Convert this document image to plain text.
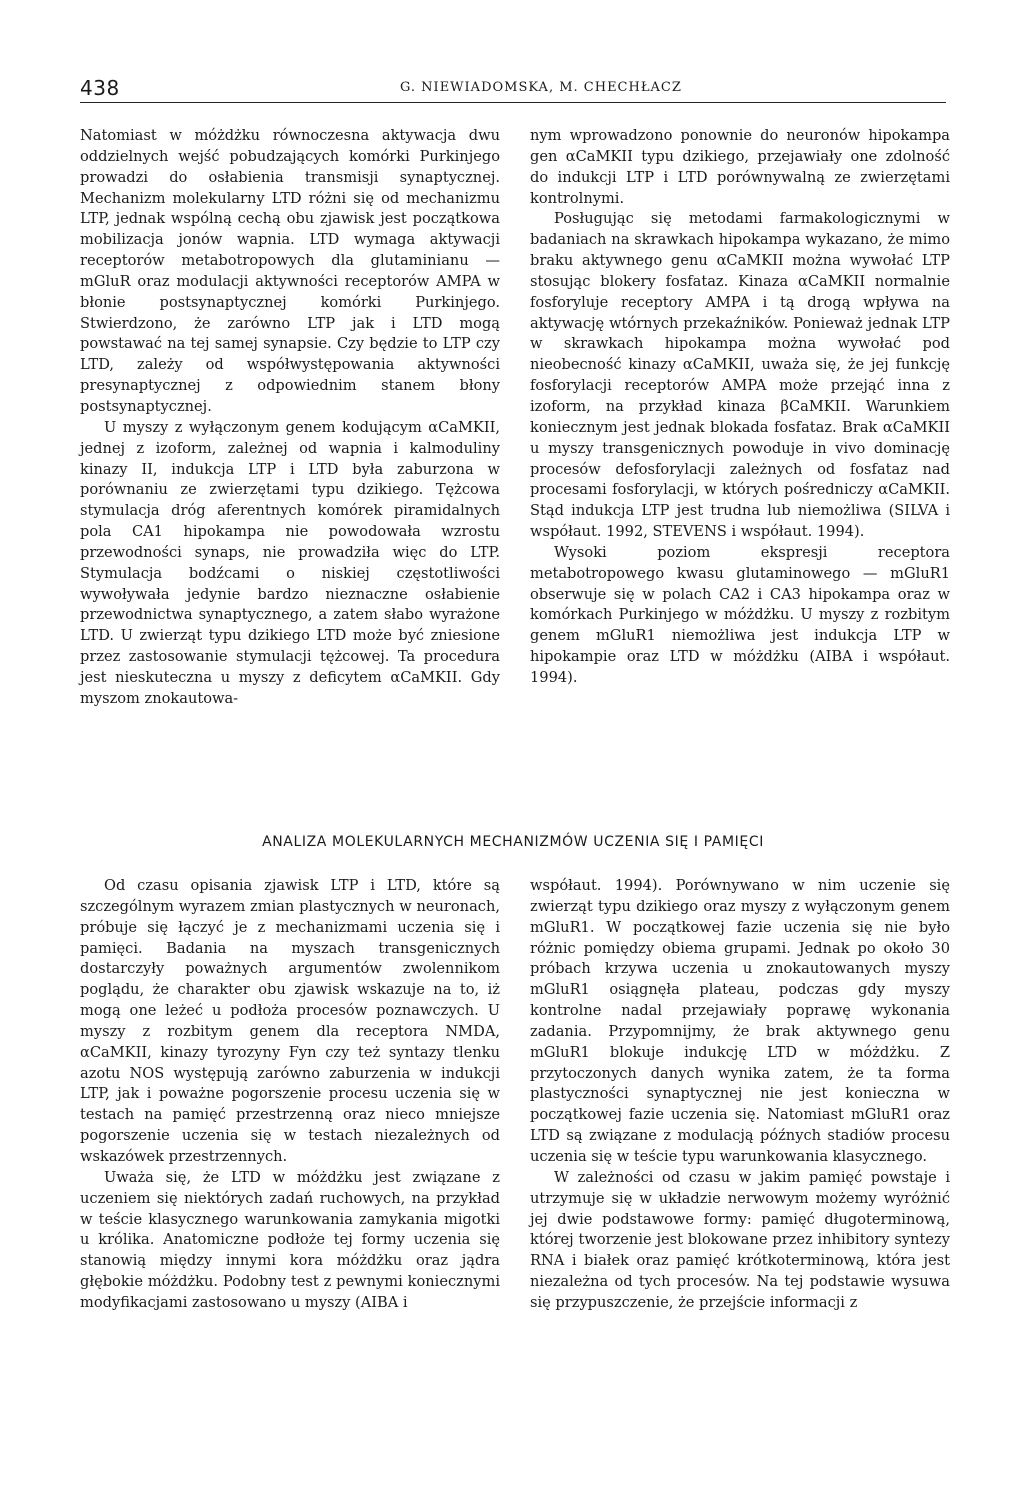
438	G. NIEWIADOMSKA, M. CHECHŁACZ

Natomiast w móżdżku równoczesna aktywacja dwu oddzielnych wejść pobudzających komórki Purkinjego prowadzi do osłabienia transmisji synaptycznej. Mechanizm molekularny LTD różni się od mechanizmu LTP, jednak wspólną cechą obu zjawisk jest początkowa mobilizacja jonów wapnia. LTD wymaga aktywacji receptorów metabotropowych dla glutaminianu — mGluR oraz modulacji aktywności receptorów AMPA w błonie postsynaptycznej komórki Purkinjego. Stwierdzono, że zarówno LTP jak i LTD mogą powstawać na tej samej synapsie. Czy będzie to LTP czy LTD, zależy od współwystępowania aktywności presynaptycznej z odpowiednim stanem błony postsynaptycznej.

U myszy z wyłączonym genem kodującym αCaMKII, jednej z izoform, zależnej od wapnia i kalmoduliny kinazy II, indukcja LTP i LTD była zaburzona w porównaniu ze zwierzętami typu dzikiego. Tężcowa stymulacja dróg aferentnych komórek piramidalnych pola CA1 hipokampa nie powodowała wzrostu przewodności synaps, nie prowadziła więc do LTP. Stymulacja bodźcami o niskiej częstotliwości wywoływała jedynie bardzo nieznaczne osłabienie przewodnictwa synaptycznego, a zatem słabo wyrażone LTD. U zwierząt typu dzikiego LTD może być zniesione przez zastosowanie stymulacji tężcowej. Ta procedura jest nieskuteczna u myszy z deficytem αCaMKII. Gdy myszom znokautowa-

nym wprowadzono ponownie do neuronów hipokampa gen αCaMKII typu dzikiego, przejawiały one zdolność do indukcji LTP i LTD porównywalną ze zwierzętami kontrolnymi.

Posługując się metodami farmakologicznymi w badaniach na skrawkach hipokampa wykazano, że mimo braku aktywnego genu αCaMKII można wywołać LTP stosując blokery fosfataz. Kinaza αCaMKII normalnie fosforyluje receptory AMPA i tą drogą wpływa na aktywację wtórnych przekaźników. Ponieważ jednak LTP w skrawkach hipokampa można wywołać pod nieobecność kinazy αCaMKII, uważa się, że jej funkcję fosforylacji receptorów AMPA może przejąć inna z izoform, na przykład kinaza βCaMKII. Warunkiem koniecznym jest jednak blokada fosfataz. Brak αCaMKII u myszy transgenicznych powoduje in vivo dominację procesów defosforylacji zależnych od fosfataz nad procesami fosforylacji, w których pośredniczy αCaMKII. Stąd indukcja LTP jest trudna lub niemożliwa (SILVA i współaut. 1992, STEVENS i współaut. 1994).

Wysoki poziom ekspresji receptora metabotropowego kwasu glutaminowego — mGluR1 obserwuje się w polach CA2 i CA3 hipokampa oraz w komórkach Purkinjego w móżdżku. U myszy z rozbitym genem mGluR1 niemożliwa jest indukcja LTP w hipokampie oraz LTD w móżdżku (AIBA i współaut. 1994).

ANALIZA MOLEKULARNYCH MECHANIZMÓW UCZENIA SIĘ I PAMIĘCI

Od czasu opisania zjawisk LTP i LTD, które są szczególnym wyrazem zmian plastycznych w neuronach, próbuje się łączyć je z mechanizmami uczenia się i pamięci. Badania na myszach transgenicznych dostarczyły poważnych argumentów zwolennikom poglądu, że charakter obu zjawisk wskazuje na to, iż mogą one leżeć u podłoża procesów poznawczych. U myszy z rozbitym genem dla receptora NMDA, αCaMKII, kinazy tyrozyny Fyn czy też syntazy tlenku azotu NOS występują zarówno zaburzenia w indukcji LTP, jak i poważne pogorszenie procesu uczenia się w testach na pamięć przestrzenną oraz nieco mniejsze pogorszenie uczenia się w testach niezależnych od wskazówek przestrzennych.

Uważa się, że LTD w móżdżku jest związane z uczeniem się niektórych zadań ruchowych, na przykład w teście klasycznego warunkowania zamykania migotki u królika. Anatomiczne podłoże tej formy uczenia się stanowią między innymi kora móżdżku oraz jądra głębokie móżdżku. Podobny test z pewnymi koniecznymi modyfikacjami zastosowano u myszy (AIBA i

współaut. 1994). Porównywano w nim uczenie się zwierząt typu dzikiego oraz myszy z wyłączonym genem mGluR1. W początkowej fazie uczenia się nie było różnic pomiędzy obiema grupami. Jednak po około 30 próbach krzywa uczenia u znokautowanych myszy mGluR1 osiągnęła plateau, podczas gdy myszy kontrolne nadal przejawiały poprawę wykonania zadania. Przypomnijmy, że brak aktywnego genu mGluR1 blokuje indukcję LTD w móżdżku. Z przytoczonych danych wynika zatem, że ta forma plastyczności synaptycznej nie jest konieczna w początkowej fazie uczenia się. Natomiast mGluR1 oraz LTD są związane z modulacją późnych stadiów procesu uczenia się w teście typu warunkowania klasycznego.

W zależności od czasu w jakim pamięć powstaje i utrzymuje się w układzie nerwowym możemy wyróżnić jej dwie podstawowe formy: pamięć długoterminową, której tworzenie jest blokowane przez inhibitory syntezy RNA i białek oraz pamięć krótkoterminową, która jest niezależna od tych procesów. Na tej podstawie wysuwa się przypuszczenie, że przejście informacji z
